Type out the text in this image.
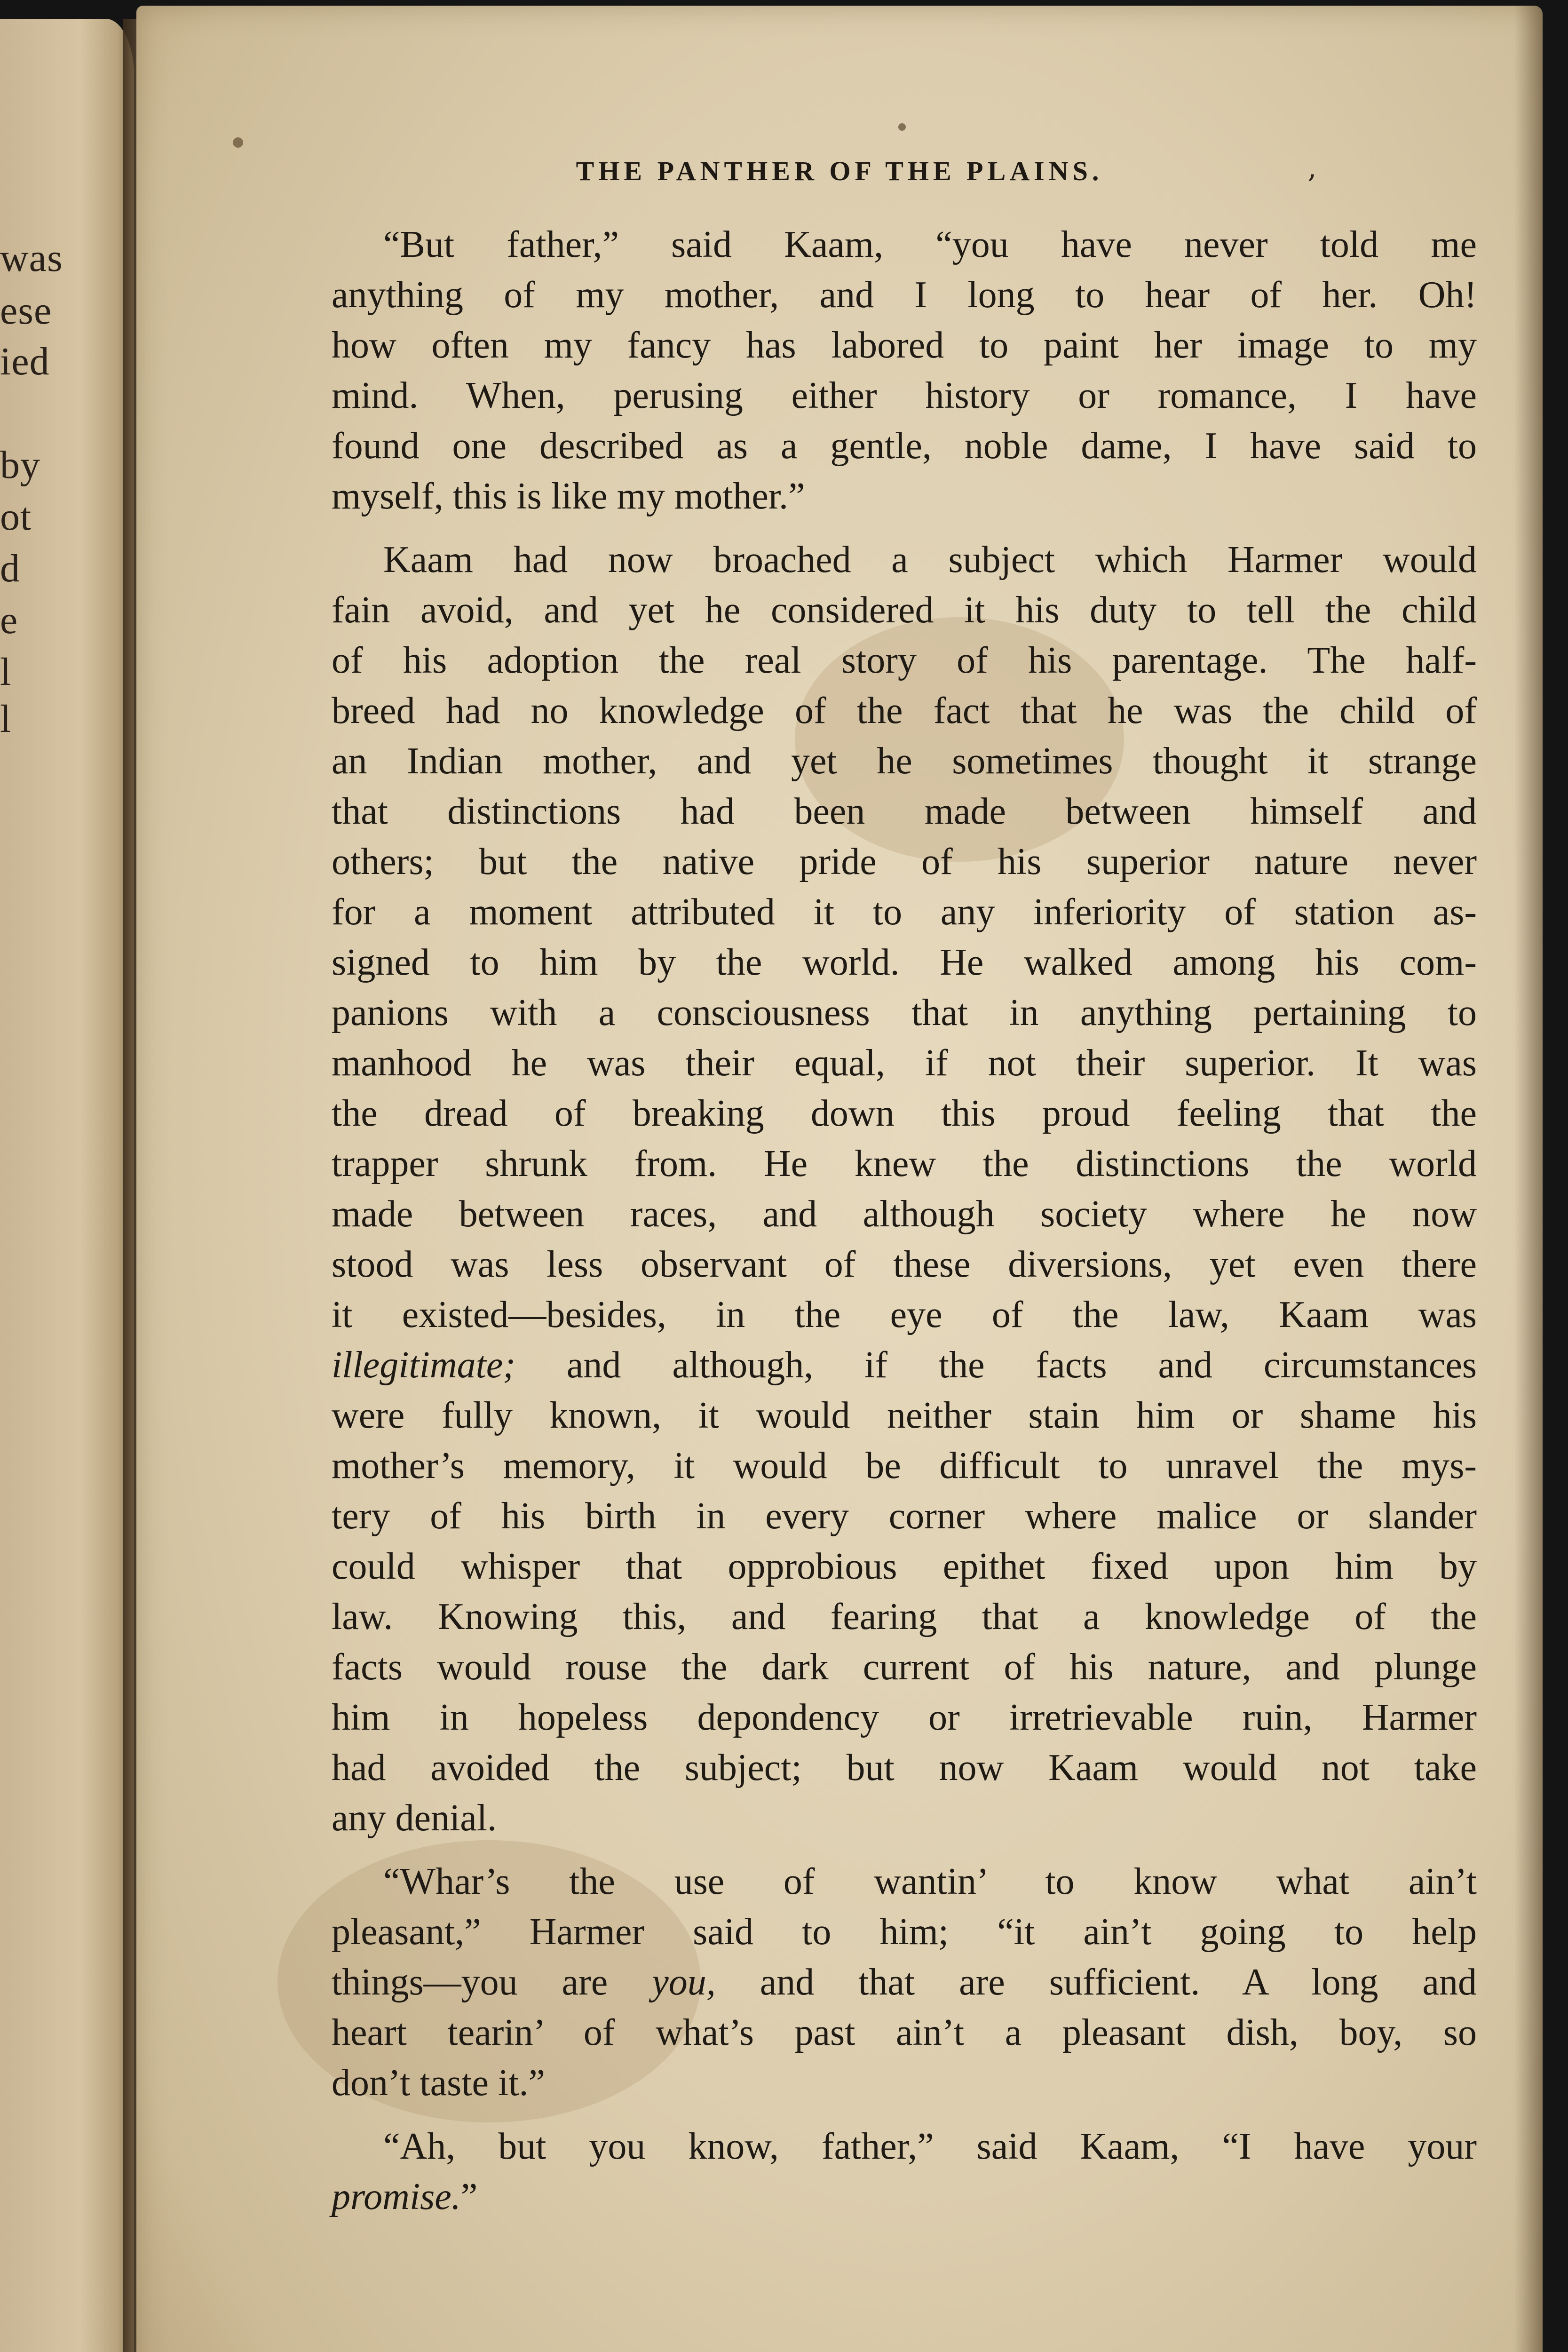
was
ese
ied
by
ot
d
e
l
l
THE PANTHER OF THE PLAINS.	‚
“But father,” said Kaam, “you have never told me
anything of my mother, and I long to hear of her. Oh!
how often my fancy has labored to paint her image to my
mind. When, perusing either history or romance, I have
found one described as a gentle, noble dame, I have said to
myself, this is like my mother.”
Kaam had now broached a subject which Harmer would
fain avoid, and yet he considered it his duty to tell the child
of his adoption the real story of his parentage. The half-
breed had no knowledge of the fact that he was the child of
an Indian mother, and yet he sometimes thought it strange
that distinctions had been made between himself and
others; but the native pride of his superior nature never
for a moment attributed it to any inferiority of station as-
signed to him by the world. He walked among his com-
panions with a consciousness that in anything pertaining to
manhood he was their equal, if not their superior. It was
the dread of breaking down this proud feeling that the
trapper shrunk from. He knew the distinctions the world
made between races, and although society where he now
stood was less observant of these diversions, yet even there
it existed—besides, in the eye of the law, Kaam was
illegitimate; and although, if the facts and circumstances
were fully known, it would neither stain him or shame his
mother’s memory, it would be difficult to unravel the mys-
tery of his birth in every corner where malice or slander
could whisper that opprobious epithet fixed upon him by
law. Knowing this, and fearing that a knowledge of the
facts would rouse the dark current of his nature, and plunge
him in hopeless depondency or irretrievable ruin, Harmer
had avoided the subject; but now Kaam would not take
any denial.
“Whar’s the use of wantin’ to know what ain’t
pleasant,” Harmer said to him; “it ain’t going to help
things—you are you, and that are sufficient. A long and
heart tearin’ of what’s past ain’t a pleasant dish, boy, so
don’t taste it.”
“Ah, but you know, father,” said Kaam, “I have your
promise.”
